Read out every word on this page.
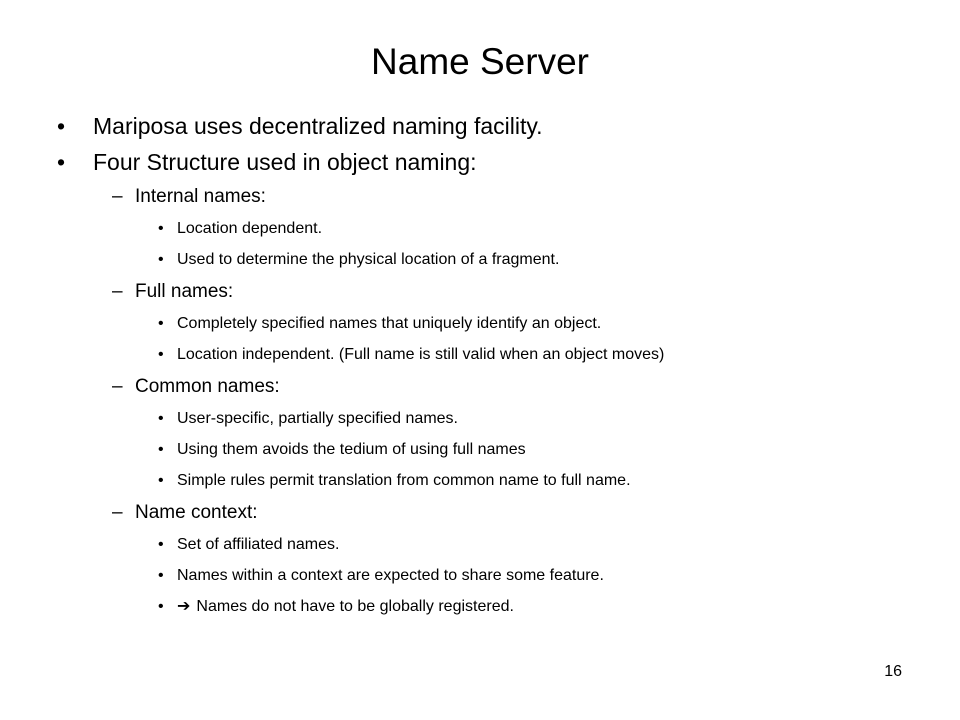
Name Server
• Mariposa uses decentralized naming facility.
• Four Structure used in object naming:
– Internal names:
• Location dependent.
• Used to determine the physical location of a fragment.
– Full names:
• Completely specified names that uniquely identify an object.
• Location independent. (Full name is still valid when an object moves)
– Common names:
• User-specific, partially specified names.
• Using them avoids the tedium of using full names
• Simple rules permit translation from common name to full name.
– Name context:
• Set of affiliated names.
• Names within a context are expected to share some feature.
• ➔ Names do not have to be globally registered.
16
